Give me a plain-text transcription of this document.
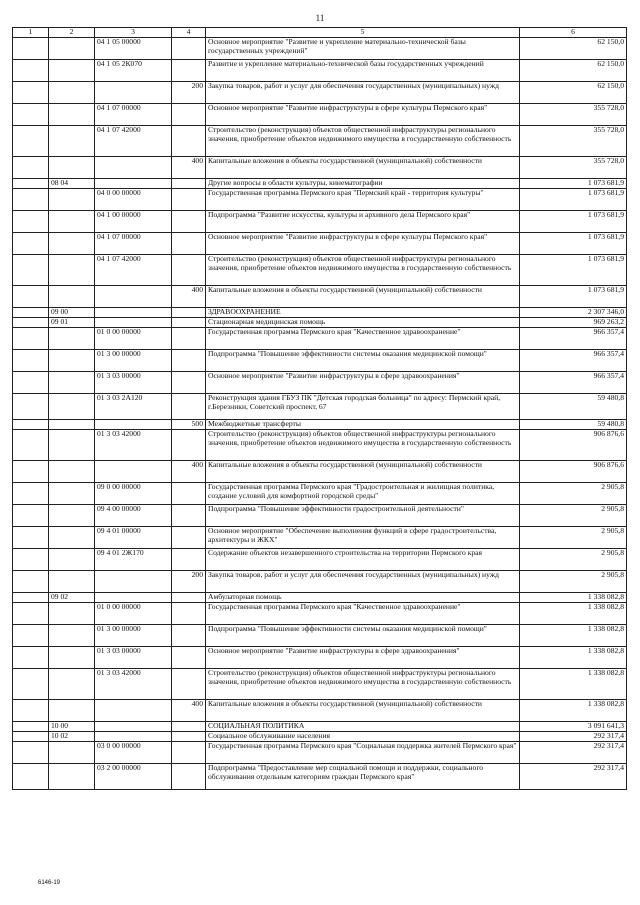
11
1	2	3	4	5	6
		04 1 05 00000		Основное мероприятие "Развитие и укрепление материально-технической базы государственных учреждений"	62 150,0
		04 1 05 2К070		Развитие и укрепление материально-технической базы государственных учреждений	62 150,0
			200	Закупка товаров, работ и услуг для обеспечения государственных (муниципальных) нужд	62 150,0
		04 1 07 00000		Основное мероприятие "Развитие инфраструктуры в сфере культуры Пермского края"	355 728,0
		04 1 07 42000		Строительство (реконструкция) объектов общественной инфраструктуры регионального значения, приобретение объектов недвижимого имущества в государственную собственность	355 728,0
			400	Капитальные вложения в объекты государственной (муниципальной) собственности	355 728,0
	08 04			Другие вопросы в области культуры, кинематографии	1 073 681,9
		04 0 00 00000		Государственная программа Пермского края "Пермский край - территория культуры"	1 073 681,9
		04 1 00 00000		Подпрограмма "Развитие искусства, культуры и архивного дела Пермского края"	1 073 681,9
		04 1 07 00000		Основное мероприятие "Развитие инфраструктуры в сфере культуры Пермского края"	1 073 681,9
		04 1 07 42000		Строительство (реконструкция) объектов общественной инфраструктуры регионального значения, приобретение объектов недвижимого имущества в государственную собственность	1 073 681,9
			400	Капитальные вложения в объекты государственной (муниципальной) собственности	1 073 681,9
	09 00			ЗДРАВООХРАНЕНИЕ	2 307 346,0
	09 01			Стационарная медицинская помощь	969 263,2
		01 0 00 00000		Государственная программа Пермского края "Качественное здравоохранение"	966 357,4
		01 3 00 00000		Подпрограмма "Повышение эффективности системы оказания медицинской помощи"	966 357,4
		01 3 03 00000		Основное мероприятие "Развитие инфраструктуры в сфере здравоохранения"	966 357,4
		01 3 03 2А120		Реконструкция здания ГБУЗ ПК "Детская городская больница" по адресу: Пермский край, г.Березники, Советский проспект, 67	59 480,8
			500	Межбюджетные трансферты	59 480,8
		01 3 03 42000		Строительство (реконструкция) объектов общественной инфраструктуры регионального значения, приобретение объектов недвижимого имущества в государственную собственность	906 876,6
			400	Капитальные вложения в объекты государственной (муниципальной) собственности	906 876,6
		09 0 00 00000		Государственная программа Пермского края "Градостроительная и жилищная политика, создание условий для комфортной городской среды"	2 905,8
		09 4 00 00000		Подпрограмма "Повышение эффективности градостроительной деятельности"	2 905,8
		09 4 01 00000		Основное мероприятие "Обеспечение выполнения функций в сфере градостроительства, архитектуры и ЖКХ"	2 905,8
		09 4 01 2Ж170		Содержание объектов незавершенного строительства на территории Пермского края	2 905,8
			200	Закупка товаров, работ и услуг для обеспечения государственных (муниципальных) нужд	2 905,8
	09 02			Амбулаторная помощь	1 338 082,8
		01 0 00 00000		Государственная программа Пермского края "Качественное здравоохранение"	1 338 082,8
		01 3 00 00000		Подпрограмма "Повышение эффективности системы оказания медицинской помощи"	1 338 082,8
		01 3 03 00000		Основное мероприятие "Развитие инфраструктуры в сфере здравоохранения"	1 338 082,8
		01 3 03 42000		Строительство (реконструкция) объектов общественной инфраструктуры регионального значения, приобретение объектов недвижимого имущества в государственную собственность	1 338 082,8
			400	Капитальные вложения в объекты государственной (муниципальной) собственности	1 338 082,8
	10 00			СОЦИАЛЬНАЯ ПОЛИТИКА	3 091 641,3
	10 02			Социальное обслуживание населения	292 317,4
		03 0 00 00000		Государственная программа Пермского края "Социальная поддержка жителей Пермского края"	292 317,4
		03 2 00 00000		Подпрограмма "Предоставление мер социальной помощи и поддержки, социального обслуживания отдельным категориям граждан Пермского края"	292 317,4
6146-19
